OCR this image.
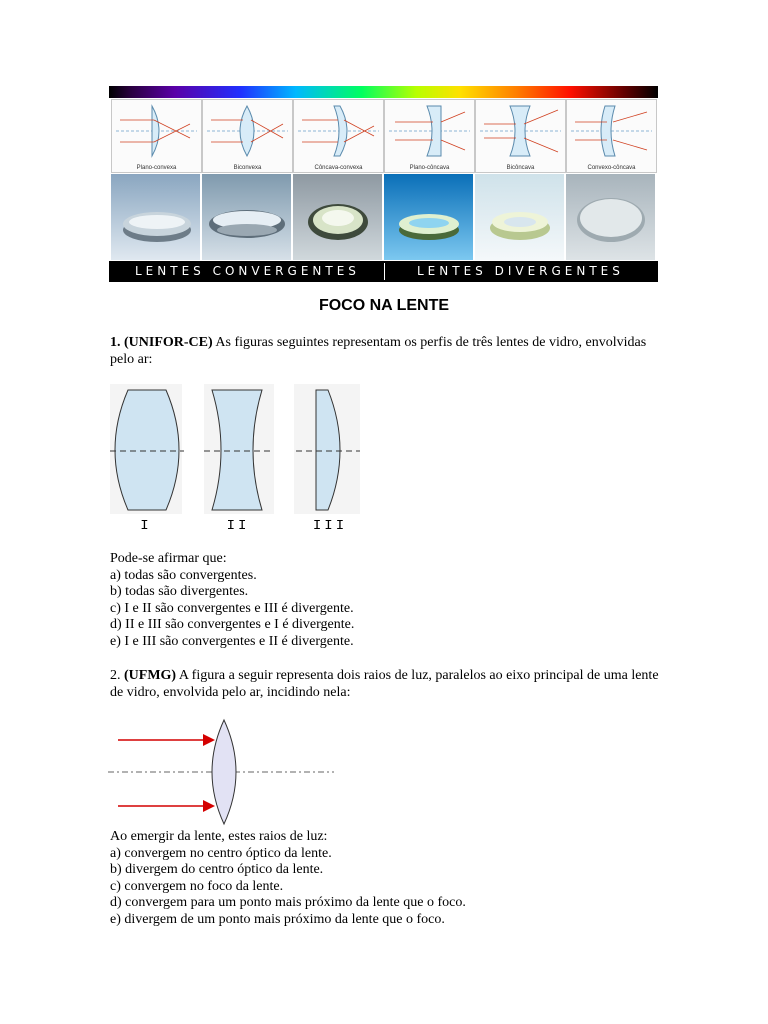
Plano-convexa	Biconvexa	Côncava-convexa	Plano-côncava	Bicôncava	Convexo-côncava
LENTES CONVERGENTES	LENTES DIVERGENTES
FOCO NA LENTE
1. (UNIFOR-CE) As figuras seguintes representam os perfis de três lentes de vidro, envolvidas pelo ar:
I	II	III
Pode-se afirmar que:
a) todas são convergentes.
b) todas são divergentes.
c) I e II são convergentes e III é divergente.
d) II e III são convergentes e I é divergente.
e) I e III são convergentes e II é divergente.
2. (UFMG) A figura a seguir representa dois raios de luz, paralelos ao eixo principal de uma lente de vidro, envolvida pelo ar, incidindo nela:
Ao emergir da lente, estes raios de luz:
a) convergem no centro óptico da lente.
b) divergem do centro óptico da lente.
c) convergem no foco da lente.
d) convergem para um ponto mais próximo da lente que o foco.
e) divergem de um ponto mais próximo da lente que o foco.
